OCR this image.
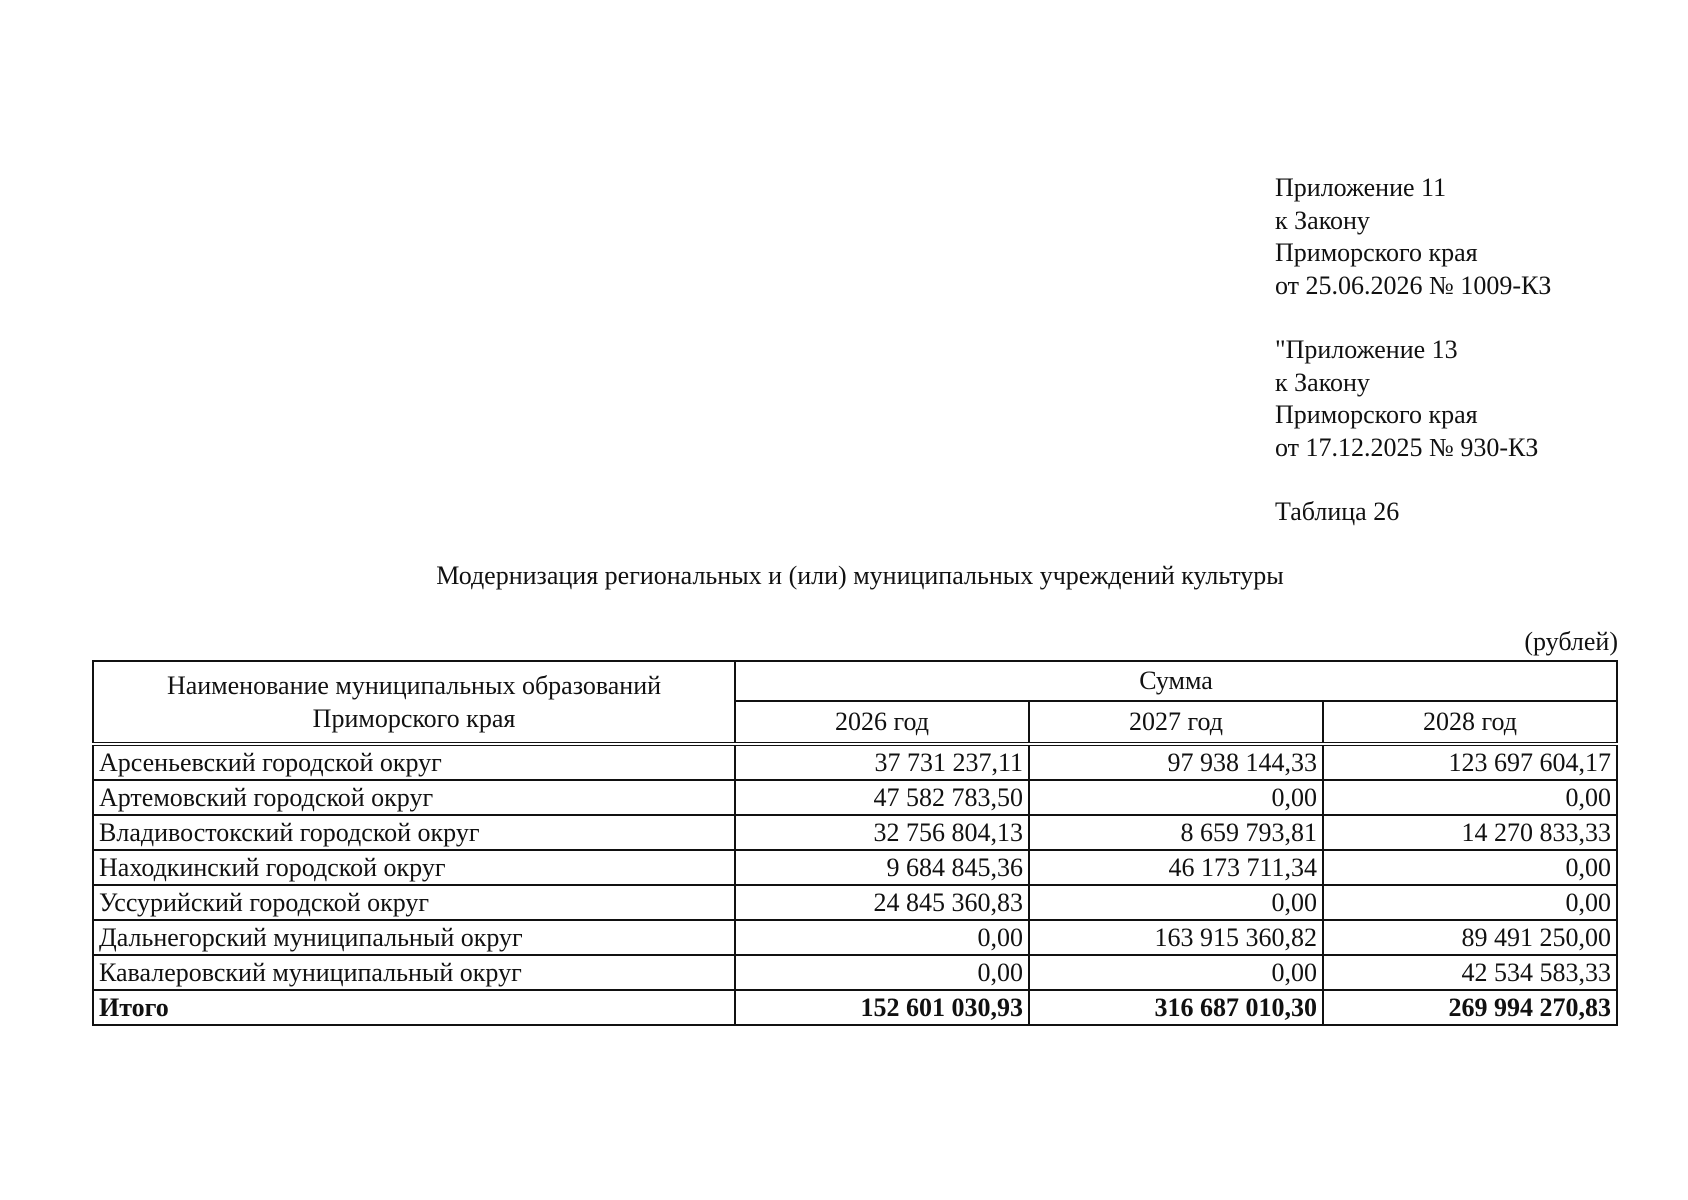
Приложение 11
к Закону
Приморского края
от 25.06.2026 № 1009-КЗ
"Приложение 13
к Закону
Приморского края
от 17.12.2025 № 930-КЗ
Таблица 26
Модернизация региональных и (или) муниципальных учреждений культуры
(рублей)
Наименование муниципальных образований
Приморского края	Сумма		
	2026 год	2027 год	2028 год
Арсеньевский городской округ	37 731 237,11	97 938 144,33	123 697 604,17
Артемовский городской округ	47 582 783,50	0,00	0,00
Владивостокский городской округ	32 756 804,13	8 659 793,81	14 270 833,33
Находкинский городской округ	9 684 845,36	46 173 711,34	0,00
Уссурийский городской округ	24 845 360,83	0,00	0,00
Дальнегорский муниципальный округ	0,00	163 915 360,82	89 491 250,00
Кавалеровский муниципальный округ	0,00	0,00	42 534 583,33
Итого	152 601 030,93	316 687 010,30	269 994 270,83
